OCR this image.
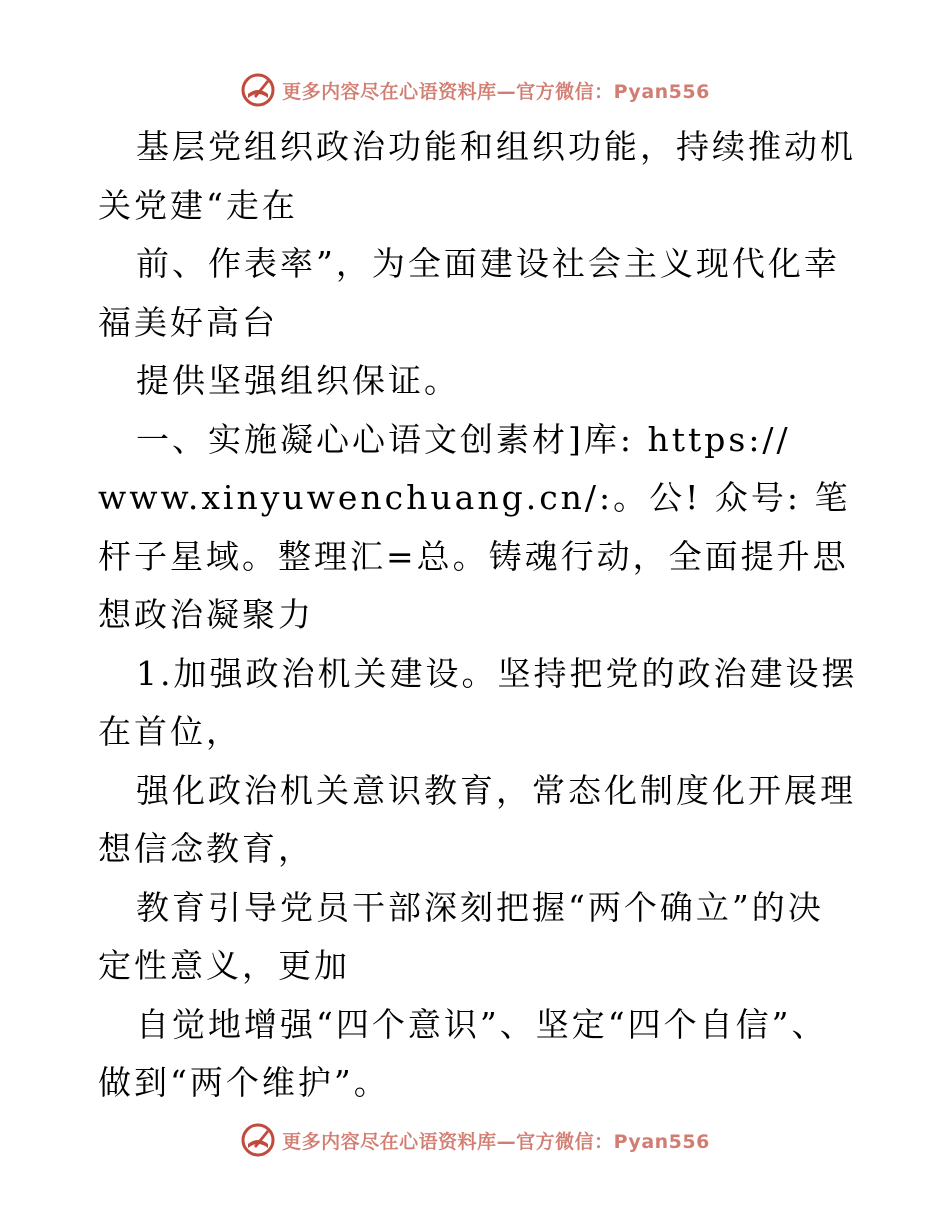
更多内容尽在心语资料库—官方微信：Pyan556

基层党组织政治功能和组织功能，持续推动机关党建“走在

前、作表率”，为全面建设社会主义现代化幸福美好高台

提供坚强组织保证。

一、实施凝心心语文创素材]库: https:// www.xinyuwenchuang.cn/:。公! 众号: 笔杆子星域。整理汇=总。铸魂行动，全面提升思想政治凝聚力

1.加强政治机关建设。坚持把党的政治建设摆在首位，

强化政治机关意识教育，常态化制度化开展理想信念教育，

教育引导党员干部深刻把握“两个确立”的决定性意义，更加

自觉地增强“四个意识”、坚定“四个自信”、做到“两个维护”。

更多内容尽在心语资料库—官方微信：Pyan556
